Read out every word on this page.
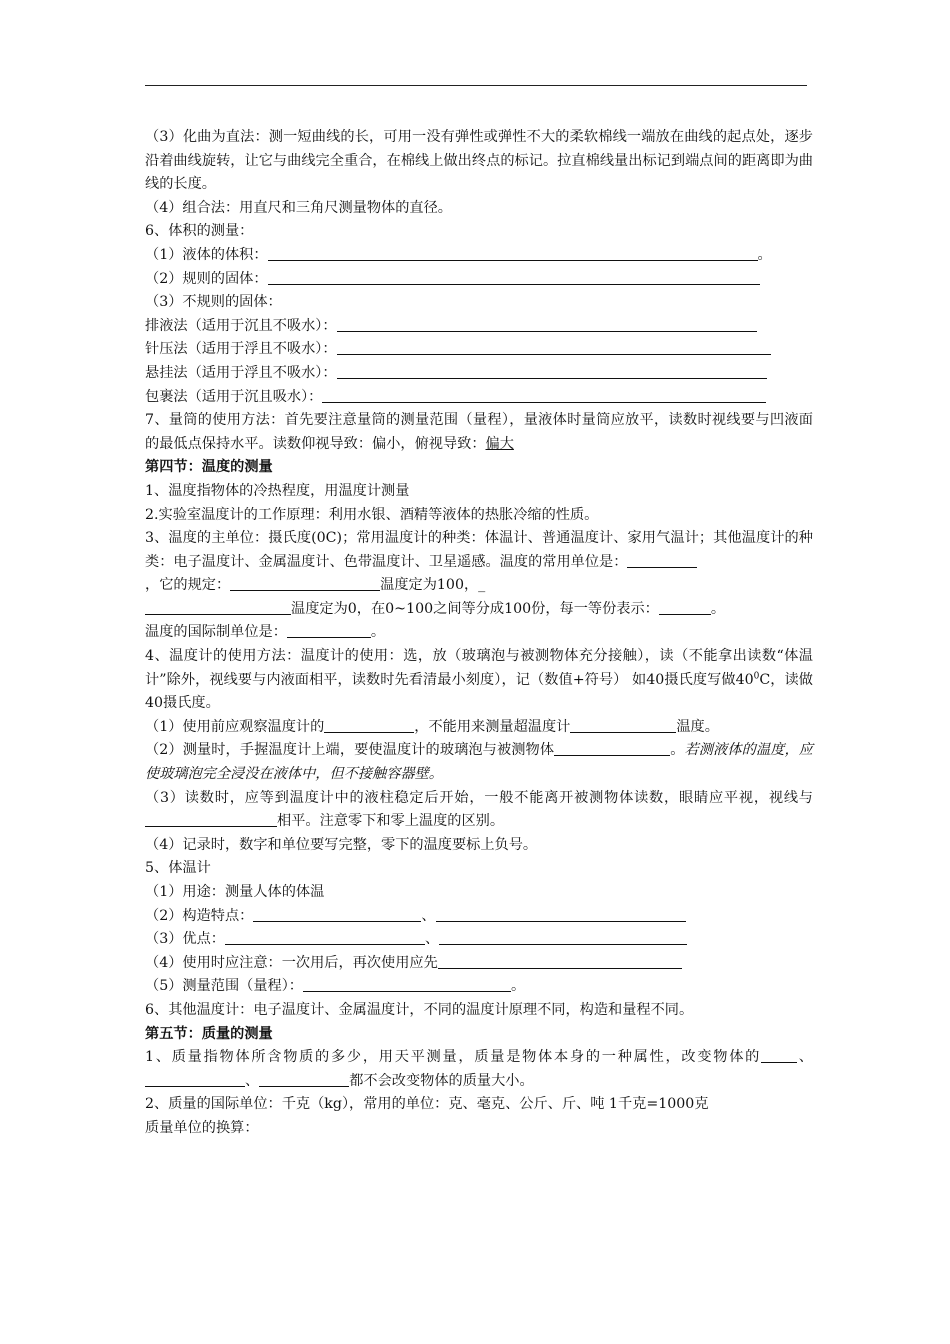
（3）化曲为直法：测一短曲线的长，可用一没有弹性或弹性不大的柔软棉线一端放在曲线的起点处，逐步沿着曲线旋转，让它与曲线完全重合，在棉线上做出终点的标记。拉直棉线量出标记到端点间的距离即为曲线的长度。

（4）组合法：用直尺和三角尺测量物体的直径。

6、体积的测量：

（1）液体的体积：	。

（2）规则的固体：

（3）不规则的固体：

排液法（适用于沉且不吸水）：

针压法（适用于浮且不吸水）：

悬挂法（适用于浮且不吸水）：

包裹法（适用于沉且吸水）：

7、量筒的使用方法：首先要注意量筒的测量范围（量程），量液体时量筒应放平，读数时视线要与凹液面的最低点保持水平。读数仰视导致：偏小，俯视导致：偏大

第四节：温度的测量

1、温度指物体的冷热程度，用温度计测量

2.实验室温度计的工作原理：利用水银、酒精等液体的热胀冷缩的性质。

3、温度的主单位：摄氏度(0C)；常用温度计的种类：体温计、普通温度计、家用气温计；其他温度计的种类：电子温度计、金属温度计、色带温度计、卫星遥感。温度的常用单位是：

，它的规定：	温度定为100，_

温度定为0，在0~100之间等分成100份，每一等份表示：	。

温度的国际制单位是：	。

4、温度计的使用方法：温度计的使用：选，放（玻璃泡与被测物体充分接触），读（不能拿出读数“体温计”除外，视线要与内液面相平，读数时先看清最小刻度），记（数值+符号） 如40摄氏度写做$40^0C$，读做40摄氏度。

（1）使用前应观察温度计的	，不能用来测量超温度计	温度。

（2）测量时，手握温度计上端，要使温度计的玻璃泡与被测物体	。若测液体的温度，应使玻璃泡完全浸没在液体中，但不接触容器壁。

（3）读数时，应等到温度计中的液柱稳定后开始，一般不能离开被测物体读数，眼睛应平视，视线与相平。注意零下和零上温度的区别。

（4）记录时，数字和单位要写完整，零下的温度要标上负号。

5、体温计

（1）用途：测量人体的体温

（2）构造特点：	、

（3）优点：	、

（4）使用时应注意：一次用后，再次使用应先

（5）测量范围（量程）：	。

6、其他温度计：电子温度计、金属温度计，不同的温度计原理不同，构造和量程不同。

第五节：质量的测量

1、质量指物体所含物质的多少，用天平测量，质量是物体本身的一种属性，改变物体的	、、	都不会改变物体的质量大小。

2、质量的国际单位：千克（kg），常用的单位：克、毫克、公斤、斤、吨 1千克=1000克

质量单位的换算：
